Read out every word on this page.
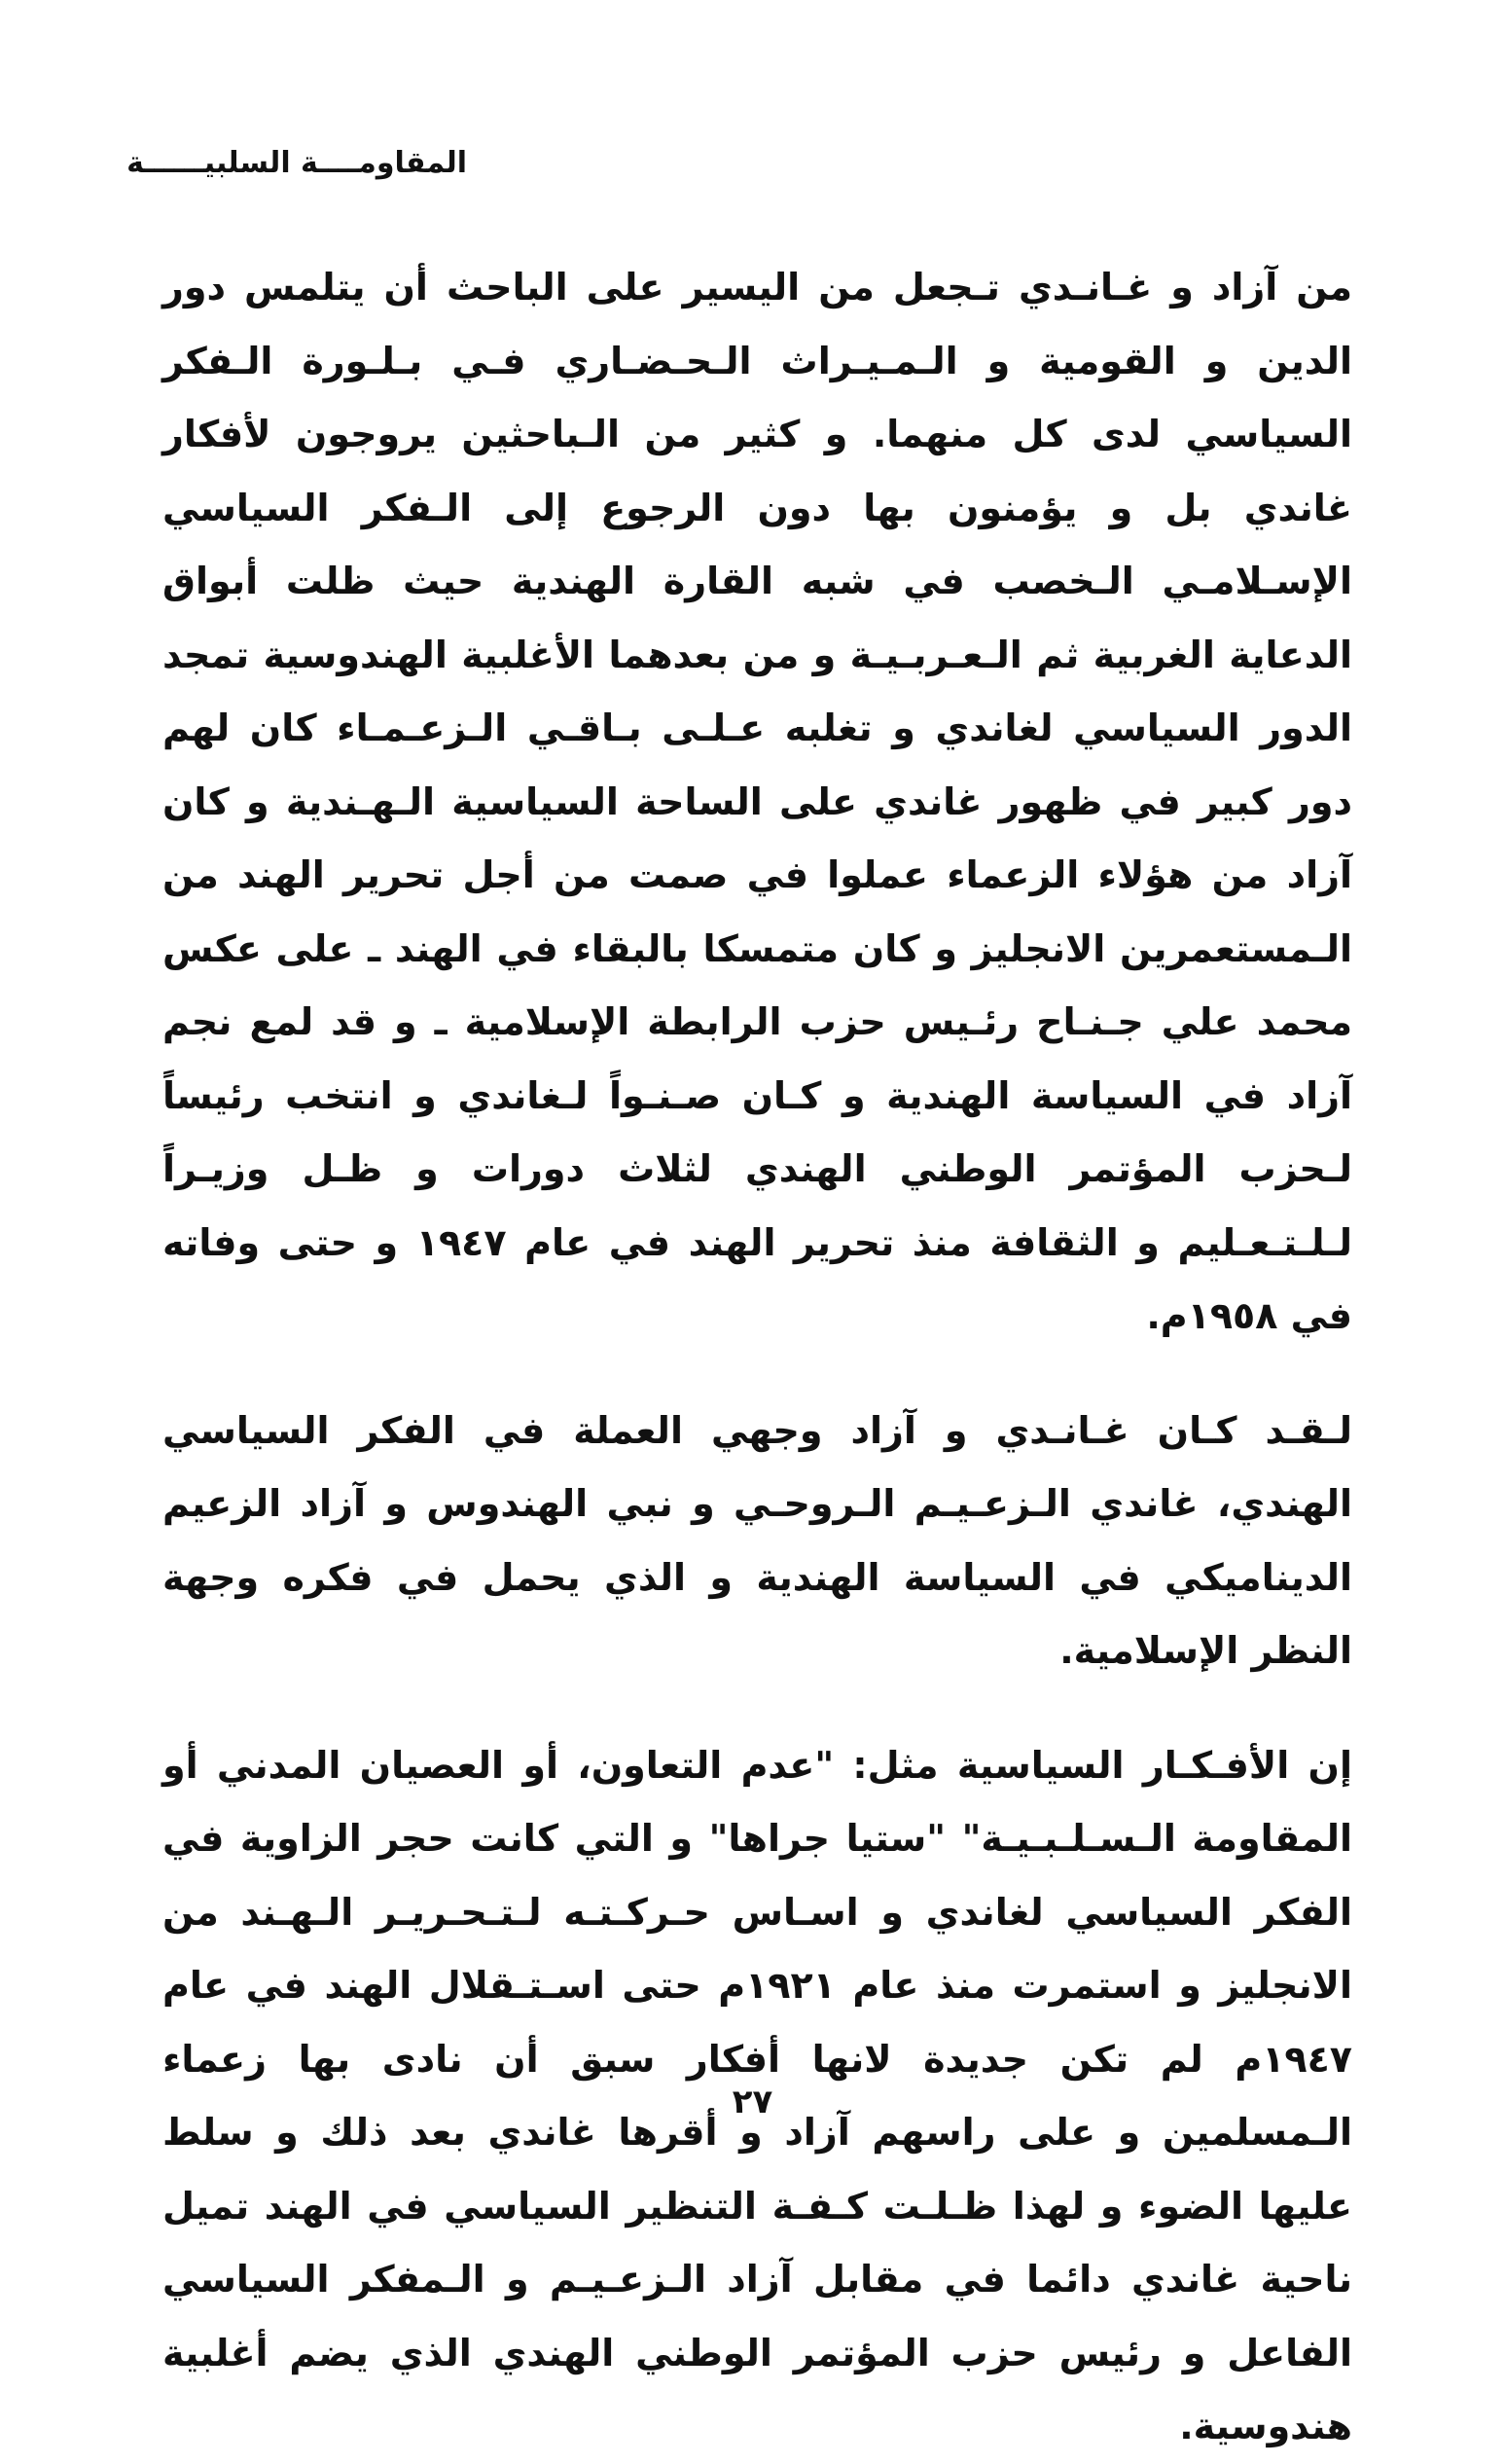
المقاومــــة السلبيــــــة

من آزاد و غـانـدي تـجعل من اليسير على الباحث أن يتلمس دور الدين و القومية و الـمـيـراث الـحـضـاري فـي بـلـورة الـفكر السياسي لدى كل منهما. و كثير من الـباحثين يروجون لأفكار غاندي بل و يؤمنون بها دون الرجوع إلى الـفكر السياسي الإسـلامـي الـخصب في شبه القارة الهندية حيث ظلت أبواق الدعاية الغربية ثم الـعـربـيـة و من بعدهما الأغلبية الهندوسية تمجد الدور السياسي لغاندي و تغلبه عـلـى بـاقـي الـزعـمـاء كان لهم دور كبير في ظهور غاندي على الساحة السياسية الـهـندية و كان آزاد من هؤلاء الزعماء عملوا في صمت من أجل تحرير الهند من الـمستعمرين الانجليز و كان متمسكا بالبقاء في الهند ـ على عكس محمد علي جـنـاح رئـيس حزب الرابطة الإسلامية ـ و قد لمع نجم آزاد في السياسة الهندية و كـان صـنـواً لـغاندي و انتخب رئيساً لـحزب المؤتمر الوطني الهندي لثلاث دورات و ظـل وزيـراً لـلـتـعـليم و الثقافة منذ تحرير الهند في عام ١٩٤٧ و حتى وفاته في ١٩٥٨م.

لـقـد كـان غـانـدي و آزاد وجهي العملة في الفكر السياسي الهندي، غاندي الـزعـيـم الـروحـي و نبي الهندوس و آزاد الزعيم الديناميكي في السياسة الهندية و الذي يحمل في فكره وجهة النظر الإسلامية.

إن الأفـكـار السياسية مثل: "عدم التعاون، أو العصيان المدني أو المقاومة الـسـلـبـيـة" "ستيا جراها" و التي كانت حجر الزاوية في الفكر السياسي لغاندي و اسـاس حـركـتـه لـتـحـريـر الـهـند من الانجليز و استمرت منذ عام ١٩٢١م حتى اسـتـقلال الهند في عام ١٩٤٧م لم تكن جديدة لانها أفكار سبق أن نادى بها زعماء الـمسلمين و على راسهم آزاد و أقرها غاندي بعد ذلك و سلط عليها الضوء و لهذا ظـلـت كـفـة التنظير السياسي في الهند تميل ناحية غاندي دائما في مقابل آزاد الـزعـيـم و الـمفكر السياسي الفاعل و رئيس حزب المؤتمر الوطني الهندي الذي يضم أغلبية هندوسية.

٢٧
